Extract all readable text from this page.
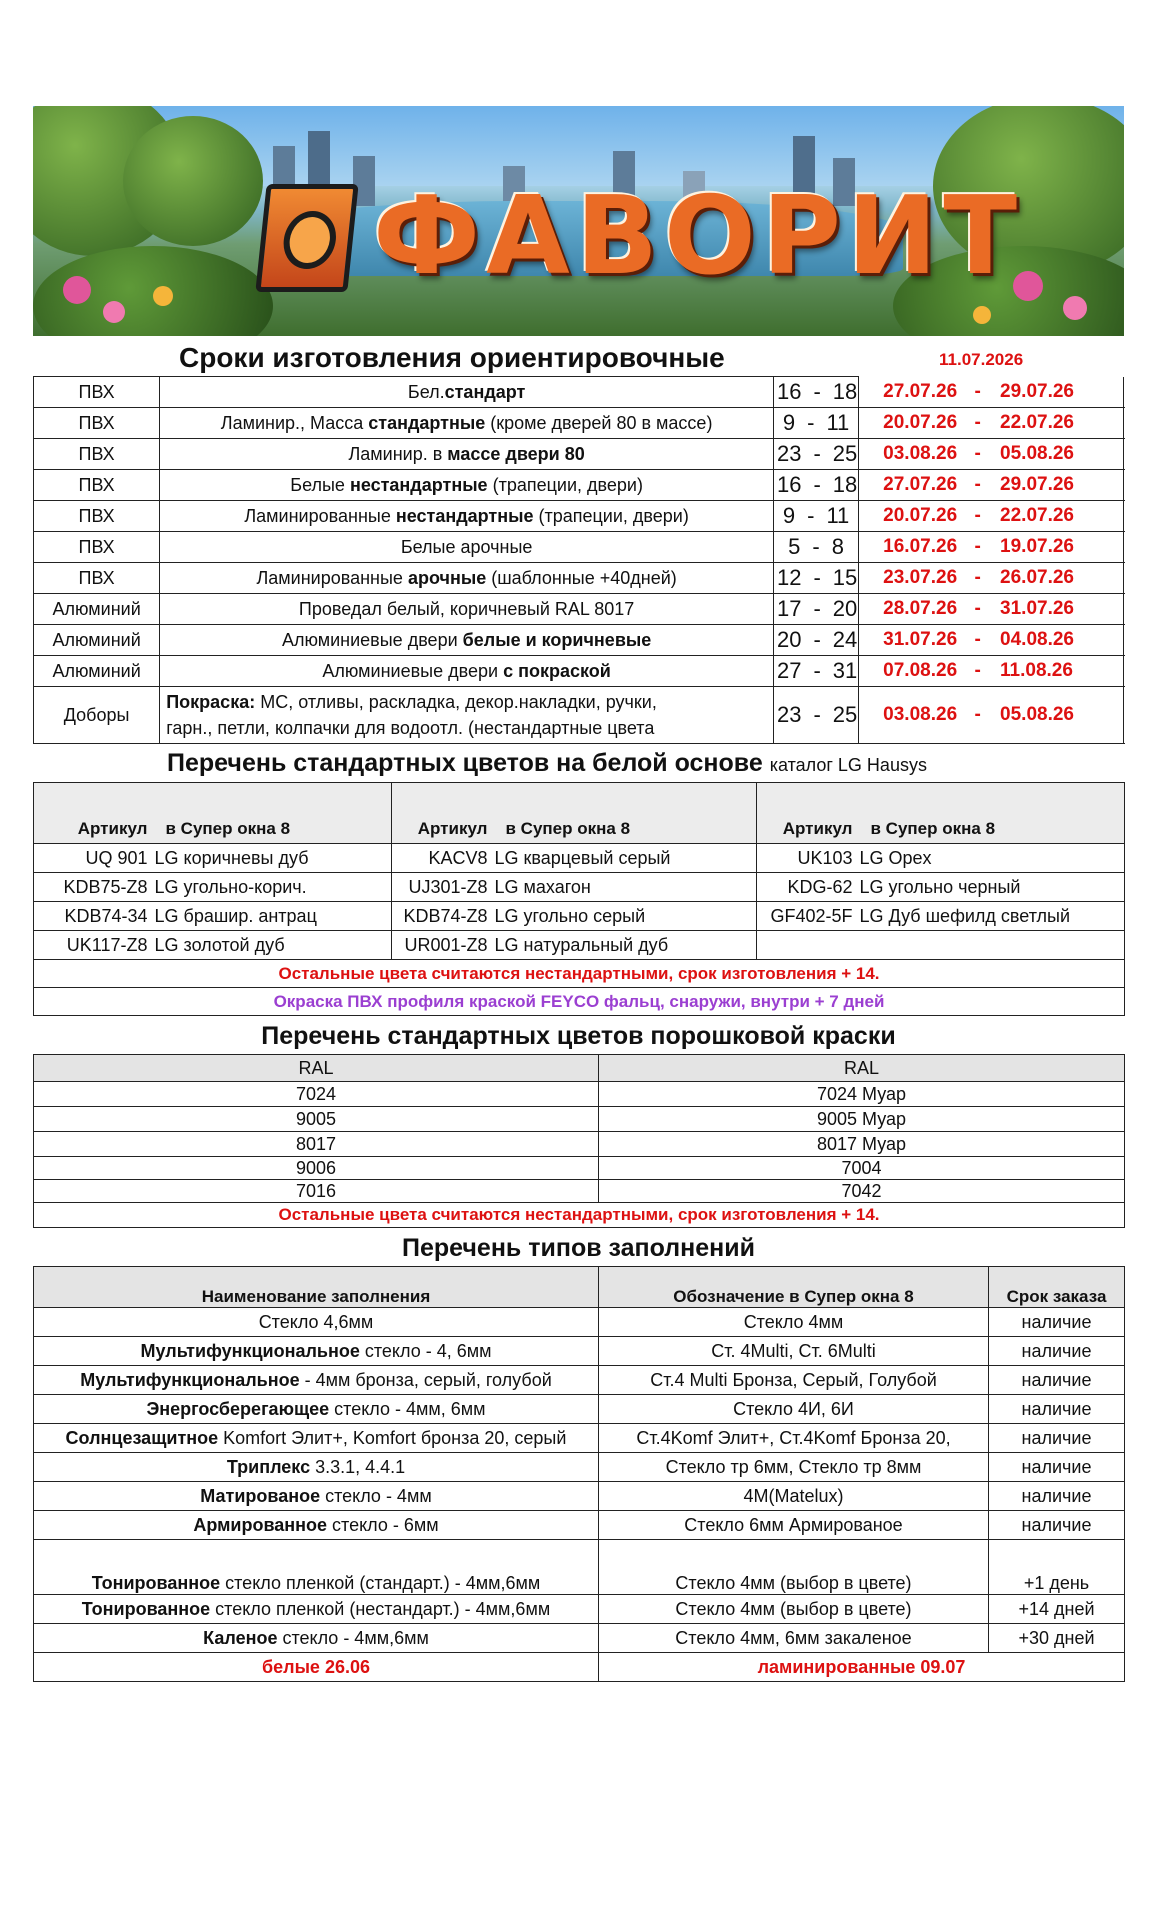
ФАВОРИТ
Сроки изготовления ориентировочные	11.07.2026
ПВХ	Бел.стандарт	16 - 18	27.07.26	-	29.07.26
ПВХ	Ламинир., Масса стандартные (кроме дверей 80 в массе)	9 - 11	20.07.26	-	22.07.26
ПВХ	Ламинир. в массе двери 80	23 - 25	03.08.26	-	05.08.26
ПВХ	Белые нестандартные (трапеции, двери)	16 - 18	27.07.26	-	29.07.26
ПВХ	Ламинированные нестандартные (трапеции, двери)	9 - 11	20.07.26	-	22.07.26
ПВХ	Белые арочные	5 - 8	16.07.26	-	19.07.26
ПВХ	Ламинированные арочные (шаблонные +40дней)	12 - 15	23.07.26	-	26.07.26
Алюминий	Проведал белый, коричневый RAL 8017	17 - 20	28.07.26	-	31.07.26
Алюминий	Алюминиевые двери белые и коричневые	20 - 24	31.07.26	-	04.08.26
Алюминий	Алюминиевые двери с покраской	27 - 31	07.08.26	-	11.08.26
Доборы	Покраска: МС, отливы, раскладка, декор.накладки, ручки,
гарн., петли, колпачки для водоотл. (нестандартные цвета	23 - 25	03.08.26	-	05.08.26
Перечень стандартных цветов на белой основе каталог LG Hausys
Артикул	в Супер окна 8	Артикул	в Супер окна 8	Артикул	в Супер окна 8
UQ 901	LG коричневы дуб	KACV8	LG кварцевый серый	UK103	LG Opex
KDB75-Z8	LG угольно-корич.	UJ301-Z8	LG махагон	KDG-62	LG угольно черный
KDB74-34	LG брашир. антрац	KDB74-Z8	LG угольно серый	GF402-5F	LG Дуб шефилд светлый
UK117-Z8	LG золотой дуб	UR001-Z8	LG натуральный дуб		
Остальные цвета считаются нестандартными, срок изготовления + 14.					
Окраска ПВХ профиля краской FEYCO фальц, снаружи, внутри + 7 дней					
Перечень стандартных цветов порошковой краски
RAL	RAL
7024	7024 Муар
9005	9005 Муар
8017	8017 Муар
9006	7004
7016	7042
Остальные цвета считаются нестандартными, срок изготовления + 14.	
Перечень типов заполнений
Наименование заполнения	Обозначение в Супер окна 8	Срок заказа
Стекло 4,6мм	Стекло 4мм	наличие
Мультифункциональное стекло - 4, 6мм	Ст. 4Multi, Ст. 6Multi	наличие
Мультифункциональное - 4мм бронза, серый, голубой	Ст.4 Multi Бронза, Серый, Голубой	наличие
Энергосберегающее стекло - 4мм, 6мм	Стекло 4И, 6И	наличие
Солнцезащитное Komfort Элит+, Komfort бронза 20, серый	Ст.4Komf Элит+, Ст.4Komf Бронза 20,	наличие
Триплекс 3.3.1, 4.4.1	Стекло тр 6мм, Стекло тр 8мм	наличие
Матированое стекло - 4мм	4М(Matelux)	наличие
Армированное стекло - 6мм	Стекло 6мм Армированое	наличие
Тонированное стекло пленкой (стандарт.) - 4мм,6мм	Стекло 4мм (выбор в цвете)	+1 день
Тонированное стекло пленкой (нестандарт.) - 4мм,6мм	Стекло 4мм (выбор в цвете)	+14 дней
Каленое стекло - 4мм,6мм	Стекло 4мм, 6мм закаленое	+30 дней
белые 26.06	ламинированные 09.07	
